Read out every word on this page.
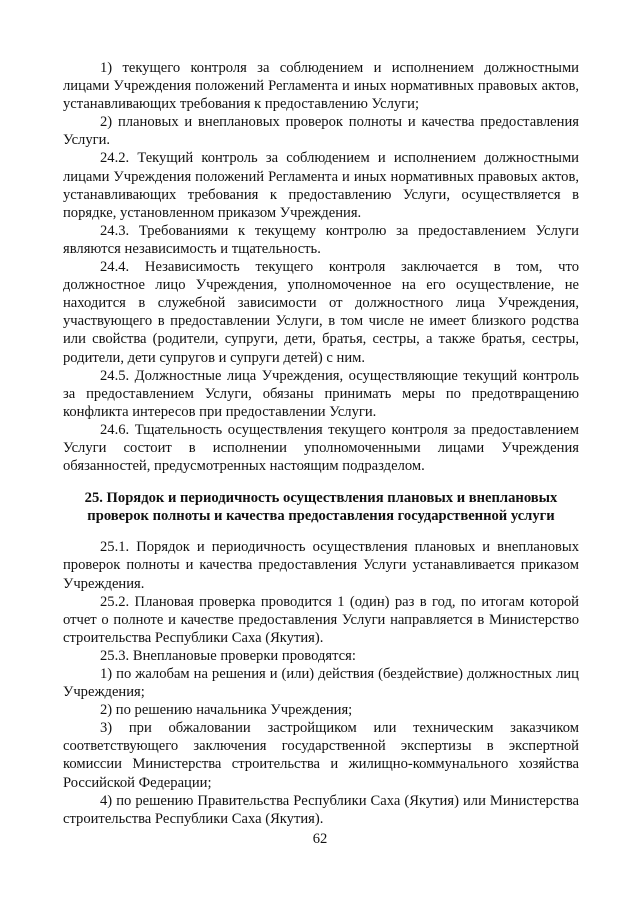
1) текущего контроля за соблюдением и исполнением должностными лицами Учреждения положений Регламента и иных нормативных правовых актов, устанавливающих требования к предоставлению Услуги;

2) плановых и внеплановых проверок полноты и качества предоставления Услуги.

24.2. Текущий контроль за соблюдением и исполнением должностными лицами Учреждения положений Регламента и иных нормативных правовых актов, устанавливающих требования к предоставлению Услуги, осуществляется в порядке, установленном приказом Учреждения.

24.3. Требованиями к текущему контролю за предоставлением Услуги являются независимость и тщательность.

24.4. Независимость текущего контроля заключается в том, что должностное лицо Учреждения, уполномоченное на его осуществление, не находится в служебной зависимости от должностного лица Учреждения, участвующего в предоставлении Услуги, в том числе не имеет близкого родства или свойства (родители, супруги, дети, братья, сестры, а также братья, сестры, родители, дети супругов и супруги детей) с ним.

24.5. Должностные лица Учреждения, осуществляющие текущий контроль за предоставлением Услуги, обязаны принимать меры по предотвращению конфликта интересов при предоставлении Услуги.

24.6. Тщательность осуществления текущего контроля за предоставлением Услуги состоит в исполнении уполномоченными лицами Учреждения обязанностей, предусмотренных настоящим подразделом.

25. Порядок и периодичность осуществления плановых и внеплановых проверок полноты и качества предоставления государственной услуги

25.1. Порядок и периодичность осуществления плановых и внеплановых проверок полноты и качества предоставления Услуги устанавливается приказом Учреждения.

25.2. Плановая проверка проводится 1 (один) раз в год, по итогам которой отчет о полноте и качестве предоставления Услуги направляется в Министерство строительства Республики Саха (Якутия).

25.3. Внеплановые проверки проводятся:

1) по жалобам на решения и (или) действия (бездействие) должностных лиц Учреждения;

2) по решению начальника Учреждения;

3) при обжаловании застройщиком или техническим заказчиком соответствующего заключения государственной экспертизы в экспертной комиссии Министерства строительства и жилищно-коммунального хозяйства Российской Федерации;

4) по решению Правительства Республики Саха (Якутия) или Министерства строительства Республики Саха (Якутия).

62
